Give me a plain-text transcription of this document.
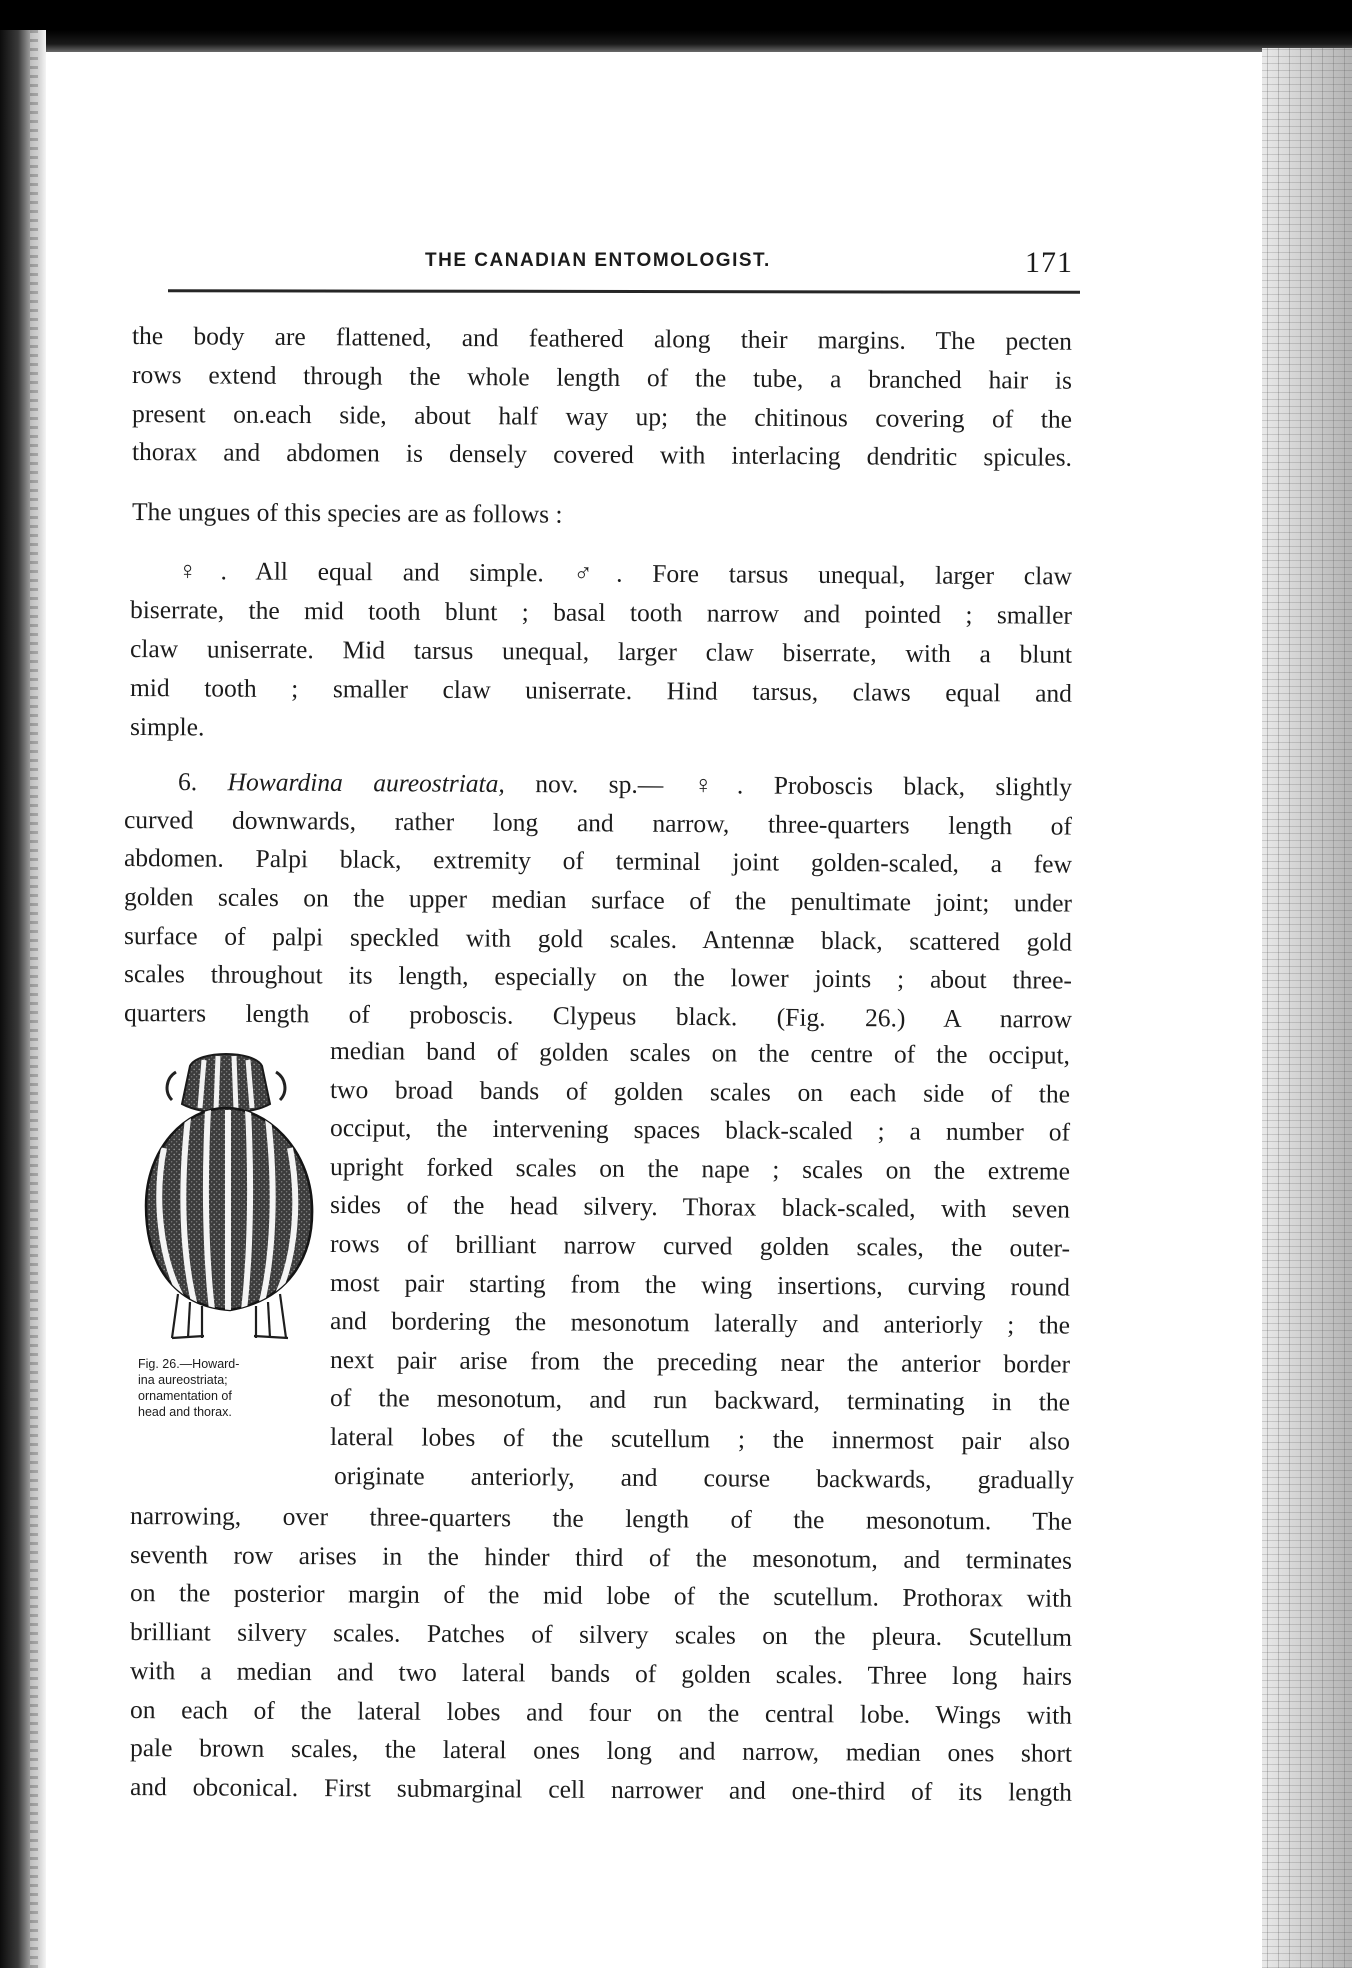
THE CANADIAN ENTOMOLOGIST.	171
the body are flattened, and feathered along their margins. The pecten
rows extend through the whole length of the tube, a branched hair is
present on.each side, about half way up; the chitinous covering of the
thorax and abdomen is densely covered with interlacing dendritic spicules.
The ungues of this species are as follows :
♀. All equal and simple. ♂. Fore tarsus unequal, larger claw
biserrate, the mid tooth blunt ; basal tooth narrow and pointed ; smaller
claw uniserrate. Mid tarsus unequal, larger claw biserrate, with a blunt
mid tooth ; smaller claw uniserrate. Hind tarsus, claws equal and
simple.
6. Howardina aureostriata, nov. sp.— ♀. Proboscis black, slightly
curved downwards, rather long and narrow, three-quarters length of
abdomen. Palpi black, extremity of terminal joint golden-scaled, a few
golden scales on the upper median surface of the penultimate joint; under
surface of palpi speckled with gold scales. Antennæ black, scattered gold
scales throughout its length, especially on the lower joints ; about three-
quarters length of proboscis. Clypeus black. (Fig. 26.) A narrow
median band of golden scales on the centre of the occiput,
two broad bands of golden scales on each side of the
occiput, the intervening spaces black-scaled ; a number of
upright forked scales on the nape ; scales on the extreme
sides of the head silvery. Thorax black-scaled, with seven
rows of brilliant narrow curved golden scales, the outer-
most pair starting from the wing insertions, curving round
and bordering the mesonotum laterally and anteriorly ; the
next pair arise from the preceding near the anterior border
of the mesonotum, and run backward, terminating in the
lateral lobes of the scutellum ; the innermost pair also
originate anteriorly, and course backwards, gradually
narrowing, over three-quarters the length of the mesonotum. The
seventh row arises in the hinder third of the mesonotum, and terminates
on the posterior margin of the mid lobe of the scutellum. Prothorax with
brilliant silvery scales. Patches of silvery scales on the pleura. Scutellum
with a median and two lateral bands of golden scales. Three long hairs
on each of the lateral lobes and four on the central lobe. Wings with
pale brown scales, the lateral ones long and narrow, median ones short
and obconical. First submarginal cell narrower and one-third of its length
Fig. 26.—Howard-
ina aureostriata;
ornamentation of
head and thorax.
